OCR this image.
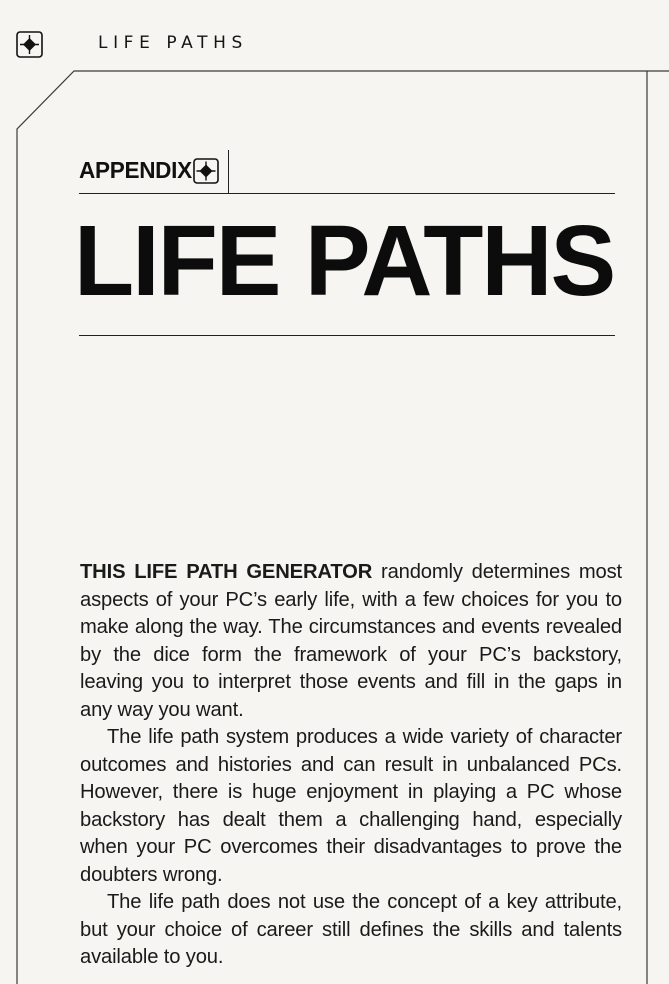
LIFE PATHS
APPENDIX
LIFE PATHS

THIS LIFE PATH GENERATOR randomly determines most aspects of your PC’s early life, with a few choices for you to make along the way. The circumstances and events revealed by the dice form the framework of your PC’s backstory, leaving you to interpret those events and fill in the gaps in any way you want.

The life path system produces a wide variety of character outcomes and histories and can result in unbalanced PCs. However, there is huge enjoyment in playing a PC whose backstory has dealt them a challenging hand, especially when your PC overcomes their disadvantages to prove the doubters wrong.

The life path does not use the concept of a key attribute, but your choice of career still defines the skills and talents available to you.
